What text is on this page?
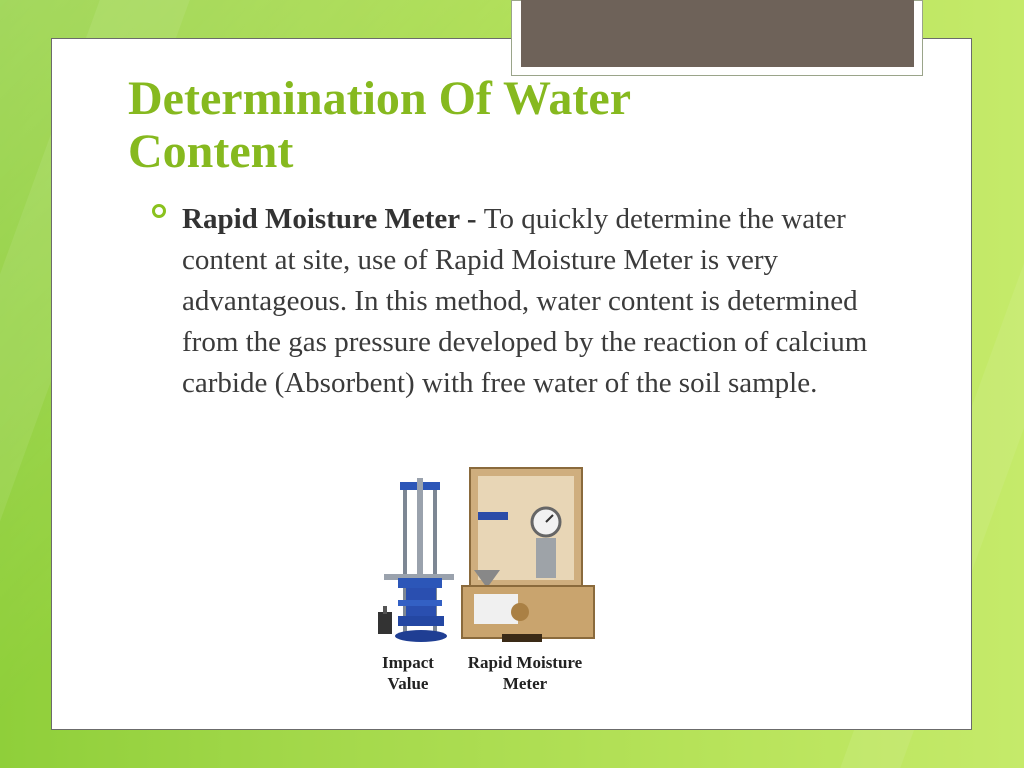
Determination Of Water Content
Rapid Moisture Meter - To quickly determine the water content at site, use of Rapid Moisture Meter is very advantageous. In this method, water content is determined from the gas pressure developed by the reaction of calcium carbide (Absorbent) with free water of the soil sample.
Impact
Value
Rapid Moisture
Meter
